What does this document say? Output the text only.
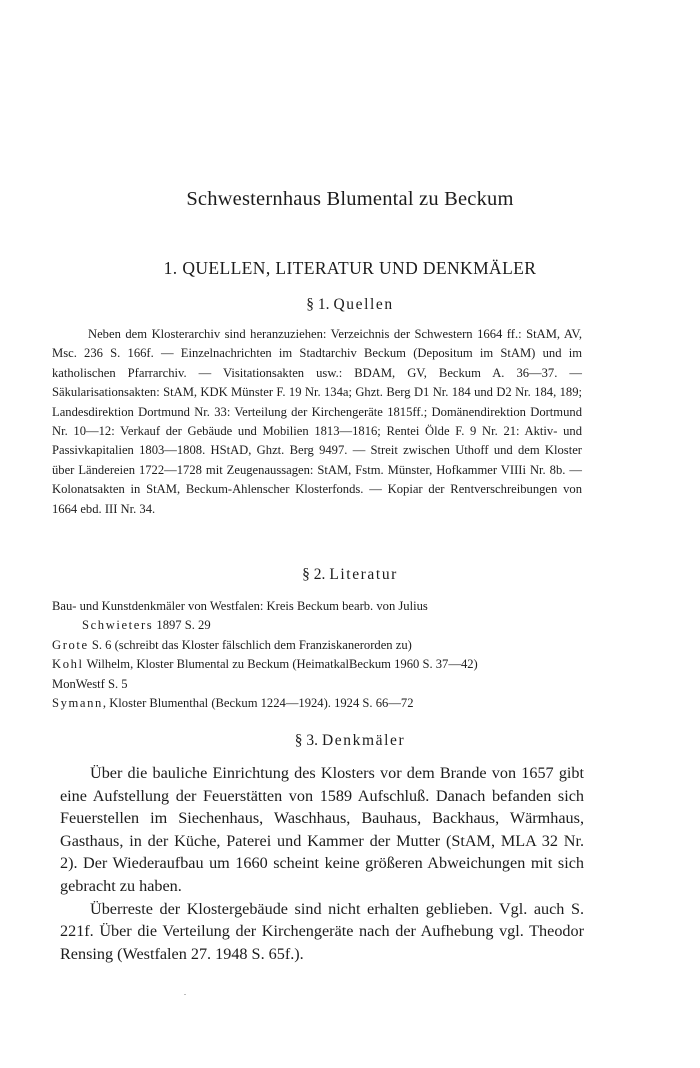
Schwesternhaus Blumental zu Beckum
1. QUELLEN, LITERATUR UND DENKMÄLER
§ 1. Quellen

Neben dem Klosterarchiv sind heranzuziehen: Verzeichnis der Schwestern 1664 ff.: StAM, AV, Msc. 236 S. 166f. — Einzelnachrichten im Stadtarchiv Beckum (Depositum im StAM) und im katholischen Pfarrarchiv. — Visitationsakten usw.: BDAM, GV, Beckum A. 36—37. — Säkularisationsakten: StAM, KDK Münster F. 19 Nr. 134a; Ghzt. Berg D1 Nr. 184 und D2 Nr. 184, 189; Landesdirektion Dortmund Nr. 33: Verteilung der Kirchengeräte 1815ff.; Domänendirektion Dortmund Nr. 10—12: Verkauf der Gebäude und Mobilien 1813—1816; Rentei Ölde F. 9 Nr. 21: Aktiv- und Passivkapitalien 1803—1808. HStAD, Ghzt. Berg 9497. — Streit zwischen Uthoff und dem Kloster über Ländereien 1722—1728 mit Zeugenaussagen: StAM, Fstm. Münster, Hofkammer VIIIi Nr. 8b. — Kolonatsakten in StAM, Beckum-Ahlenscher Klosterfonds. — Kopiar der Rentverschreibungen von 1664 ebd. III Nr. 34.

§ 2. Literatur

Bau- und Kunstdenkmäler von Westfalen: Kreis Beckum bearb. von Julius
Schwieters 1897 S. 29

Grote S. 6 (schreibt das Kloster fälschlich dem Franziskanerorden zu)

Kohl Wilhelm, Kloster Blumental zu Beckum (HeimatkalBeckum 1960 S. 37—42)

MonWestf S. 5

Symann, Kloster Blumenthal (Beckum 1224—1924). 1924 S. 66—72

§ 3. Denkmäler

Über die bauliche Einrichtung des Klosters vor dem Brande von 1657 gibt eine Aufstellung der Feuerstätten von 1589 Aufschluß. Danach befanden sich Feuerstellen im Siechenhaus, Waschhaus, Bauhaus, Backhaus, Wärmhaus, Gasthaus, in der Küche, Paterei und Kammer der Mutter (StAM, MLA 32 Nr. 2). Der Wiederaufbau um 1660 scheint keine größeren Abweichungen mit sich gebracht zu haben.

Überreste der Klostergebäude sind nicht erhalten geblieben. Vgl. auch S. 221f. Über die Verteilung der Kirchengeräte nach der Aufhebung vgl. Theodor Rensing (Westfalen 27. 1948 S. 65f.).
